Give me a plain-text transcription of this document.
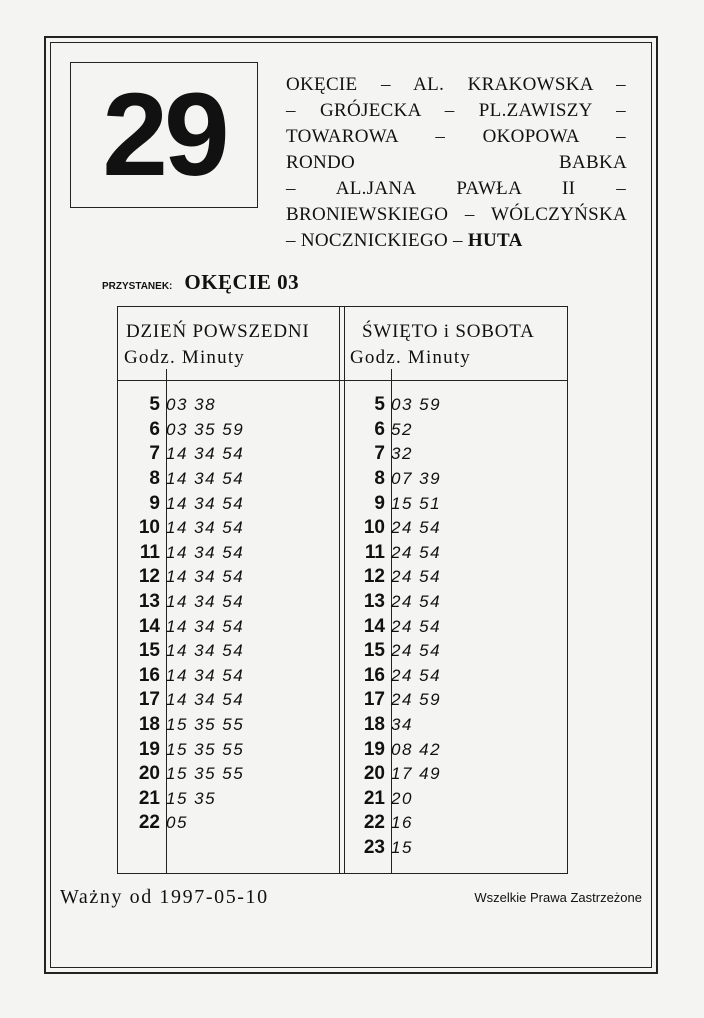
29	OKĘCIE – AL. KRAKOWSKA – – GRÓJECKA – PL.ZAWISZY – TOWAROWA – OKOPOWA – RONDO BABKA – AL.JANA PAWŁA II – BRONIEWSKIEGO – WÓLCZYŃSKA – NOCZNICKIEGO – HUTA
PRZYSTANEK: OKĘCIE 03
DZIEŃ POWSZEDNI
Godz. Minuty
ŚWIĘTO i SOBOTA
Godz. Minuty
5 03 38
6 03 35 59
7 14 34 54
8 14 34 54
9 14 34 54
10 14 34 54
11 14 34 54
12 14 34 54
13 14 34 54
14 14 34 54
15 14 34 54
16 14 34 54
17 14 34 54
18 15 35 55
19 15 35 55
20 15 35 55
21 15 35
22 05
5 03 59
6 52
7 32
8 07 39
9 15 51
10 24 54
11 24 54
12 24 54
13 24 54
14 24 54
15 24 54
16 24 54
17 24 59
18 34
19 08 42
20 17 49
21 20
22 16
23 15
Ważny od 1997-05-10	Wszelkie Prawa Zastrzeżone
